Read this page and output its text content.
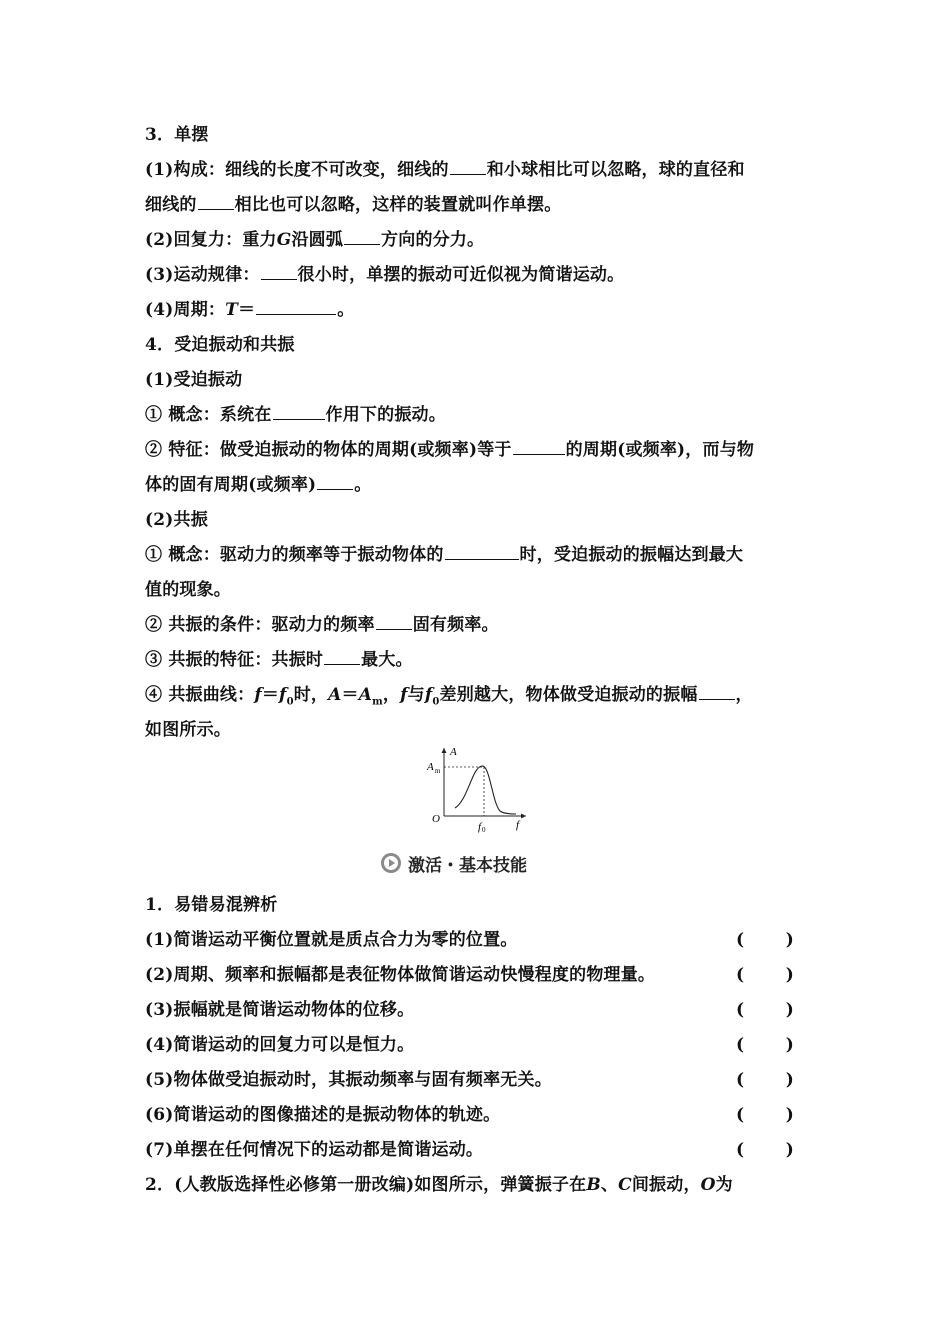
3．单摆
(1)构成：细线的长度不可改变，细线的 和小球相比可以忽略，球的直径和
细线的 相比也可以忽略，这样的装置就叫作单摆。
(2)回复力：重力G沿圆弧 方向的分力。
(3)运动规律： 很小时，单摆的振动可近似视为简谐运动。
(4)周期：T＝	。
4．受迫振动和共振
(1)受迫振动
① 概念：系统在	作用下的振动。
② 特征：做受迫振动的物体的周期(或频率)等于	的周期(或频率)，而与物
体的固有周期(或频率) 。
(2)共振
① 概念：驱动力的频率等于振动物体的	时，受迫振动的振幅达到最大
值的现象。
② 共振的条件：驱动力的频率 固有频率。
③ 共振的特征：共振时 最大。
④ 共振曲线：$f=f_0$时，$A=A_m$，f与$f_0$差别越大，物体做受迫振动的振幅 ，
如图所示。
A
A m
O
f 0	f
激活・基本技能
1．易错易混辨析
(1)简谐运动平衡位置就是质点合力为零的位置。	( )
(2)周期、频率和振幅都是表征物体做简谐运动快慢程度的物理量。	( )
(3)振幅就是简谐运动物体的位移。	( )
(4)简谐运动的回复力可以是恒力。	( )
(5)物体做受迫振动时，其振动频率与固有频率无关。	( )
(6)简谐运动的图像描述的是振动物体的轨迹。	( )
(7)单摆在任何情况下的运动都是简谐运动。	( )
2．(人教版选择性必修第一册改编)如图所示，弹簧振子在B、C间振动，O为
